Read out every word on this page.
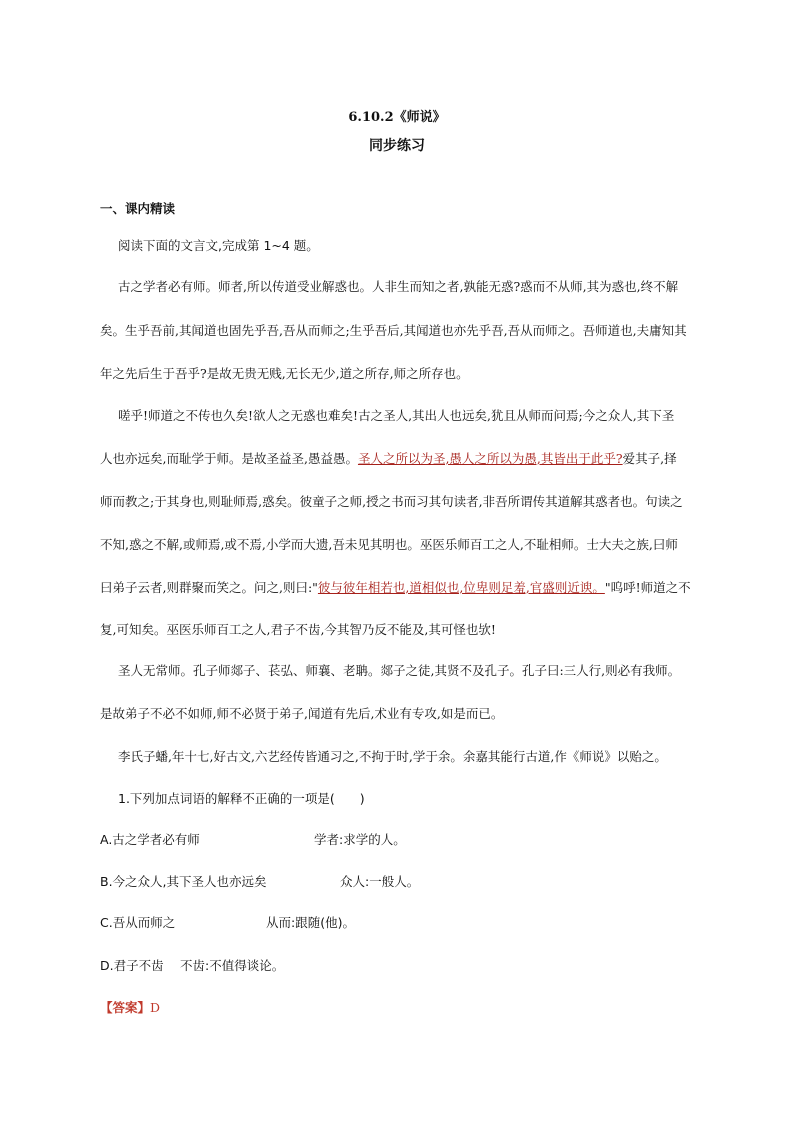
6.10.2《师说》
同步练习
一、课内精读
阅读下面的文言文,完成第 1~4 题。
古之学者必有师。师者,所以传道受业解惑也。人非生而知之者,孰能无惑?惑而不从师,其为惑也,终不解
矣。生乎吾前,其闻道也固先乎吾,吾从而师之;生乎吾后,其闻道也亦先乎吾,吾从而师之。吾师道也,夫庸知其
年之先后生于吾乎?是故无贵无贱,无长无少,道之所存,师之所存也。
嗟乎!师道之不传也久矣!欲人之无惑也难矣!古之圣人,其出人也远矣,犹且从师而问焉;今之众人,其下圣
人也亦远矣,而耻学于师。是故圣益圣,愚益愚。圣人之所以为圣,愚人之所以为愚,其皆出于此乎?爱其子,择
师而教之;于其身也,则耻师焉,惑矣。彼童子之师,授之书而习其句读者,非吾所谓传其道解其惑者也。句读之
不知,惑之不解,或师焉,或不焉,小学而大遗,吾未见其明也。巫医乐师百工之人,不耻相师。士大夫之族,曰师
曰弟子云者,则群聚而笑之。问之,则曰:"彼与彼年相若也,道相似也,位卑则足羞,官盛则近谀。"呜呼!师道之不
复,可知矣。巫医乐师百工之人,君子不齿,今其智乃反不能及,其可怪也欤!
圣人无常师。孔子师郯子、苌弘、师襄、老聃。郯子之徒,其贤不及孔子。孔子曰:三人行,则必有我师。
是故弟子不必不如师,师不必贤于弟子,闻道有先后,术业有专攻,如是而已。
李氏子蟠,年十七,好古文,六艺经传皆通习之,不拘于时,学于余。余嘉其能行古道,作《师说》以贻之。
1.下列加点词语的解释不正确的一项是(　　)
A.古之学者必有师	学者:求学的人。
B.今之众人,其下圣人也亦远矣	众人:一般人。
C.吾从而师之	从而:跟随(他)。
D.君子不齿 不齿:不值得谈论。
【答案】D
